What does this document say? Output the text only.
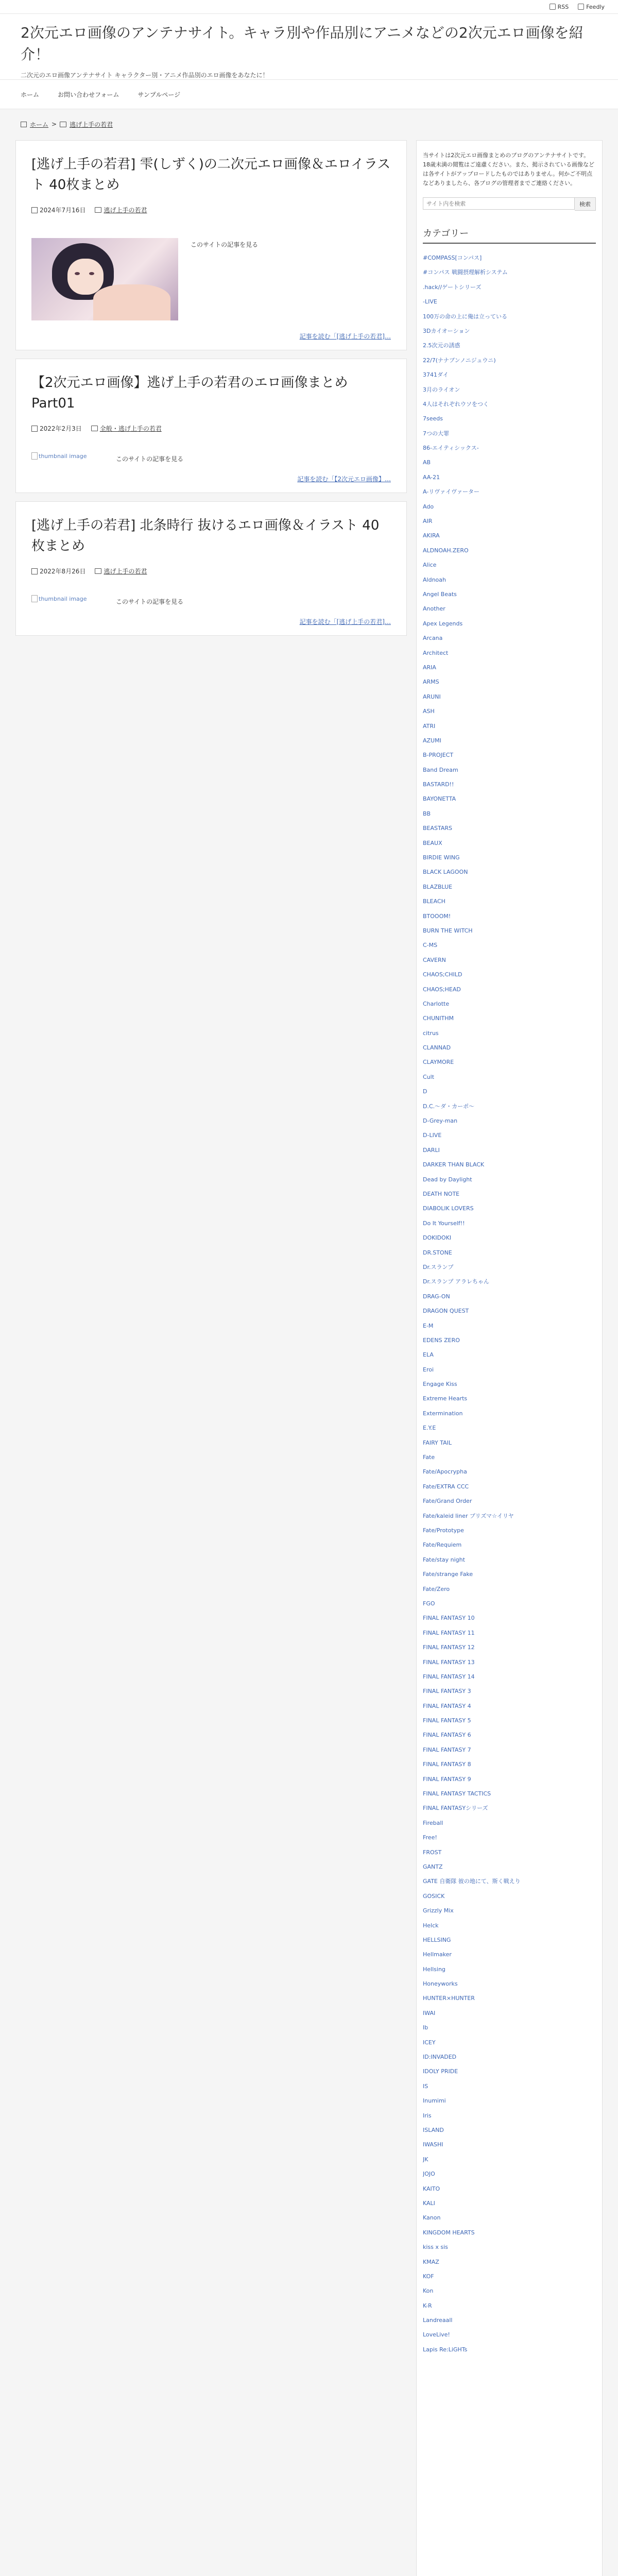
RSS	Feedly
2次元エロ画像のアンテナサイト。キャラ別や作品別にアニメなどの2次元エロ画像を紹介！
二次元のエロ画像アンテナサイト キャラクター別・アニメ作品別のエロ画像をあなたに！
ホーム	お問い合わせフォーム	サンプルページ
ホーム > 逃げ上手の若君
[逃げ上手の若君] 雫(しずく)の二次元エロ画像＆エロイラスト 40枚まとめ
2024年7月16日	逃げ上手の若君
このサイトの記事を見る
記事を読む「[逃げ上手の若君]…
【2次元エロ画像】逃げ上手の若君のエロ画像まとめ Part01
2022年2月3日	全般・逃げ上手の若君
thumbnail image	このサイトの記事を見る
記事を読む「【2次元エロ画像】…
[逃げ上手の若君] 北条時行 抜けるエロ画像＆イラスト 40枚まとめ
2022年8月26日	逃げ上手の若君
thumbnail image	このサイトの記事を見る
記事を読む「[逃げ上手の若君]…
当サイトは2次元エロ画像まとめのブログのアンテナサイトです。18歳未満の閲覧はご遠慮ください。また、掲示されている画像などは各サイトがアップロードしたものではありません。何かご不明点などありましたら、各ブログの管理者までご連絡ください。
サイト内を検索
検索
カテゴリー
#COMPASS[コンパス]
#コンパス 戦闘摂理解析システム
.hack//ゲートシリーズ
-LIVE
100万の命の上に俺は立っている
3Dカイオーション
2.5次元の誘惑
22/7(ナナブンノニジュウニ)
3741ダイ
3月のライオン
4人はそれぞれウソをつく
7seeds
7つの大罪
86-エイティシックス-
ΑΒ
AA-21
A-リヴァイヴァーター
Ado
AIR
AKIRA
ALDNOAH.ZERO
Alice
Aldnoah
Angel Beats
Another
Apex Legends
Arcana
Architect
ARIA
ARMS
ARUNI
ASH
ATRI
AZUMI
B-PROJECT
Band Dream
BASTARD!!
BAYONETTA
BB
BEASTARS
BEAUX
BIRDIE WING
BLACK LAGOON
BLAZBLUE
BLEACH
BTOOOM!
BURN THE WITCH
C-MS
CAVERN
CHAOS;CHILD
CHAOS;HEAD
Charlotte
CHUNITHM
citrus
CLANNAD
CLAYMORE
Cult
D
D.C.～ダ・カーポ～
D-Grey-man
D-LIVE
DARLI
DARKER THAN BLACK
Dead by Daylight
DEATH NOTE
DIABOLIK LOVERS
Do It Yourself!!
DOKIDOKI
DR.STONE
Dr.スランプ
Dr.スランプ アラレちゃん
DRAG-ON
DRAGON QUEST
E-M
EDENS ZERO
ELA
Eroi
Engage Kiss
Extreme Hearts
Extermination
E.Y.E
FAIRY TAIL
Fate
Fate/Apocrypha
Fate/EXTRA CCC
Fate/Grand Order
Fate/kaleid liner プリズマ☆イリヤ
Fate/Prototype
Fate/Requiem
Fate/stay night
Fate/strange Fake
Fate/Zero
FGO
FINAL FANTASY 10
FINAL FANTASY 11
FINAL FANTASY 12
FINAL FANTASY 13
FINAL FANTASY 14
FINAL FANTASY 3
FINAL FANTASY 4
FINAL FANTASY 5
FINAL FANTASY 6
FINAL FANTASY 7
FINAL FANTASY 8
FINAL FANTASY 9
FINAL FANTASY TACTICS
FINAL FANTASYシリーズ
Fireball
Free!
FROST
GANTZ
GATE 自衛隊 彼の地にて、斯く戦えり
GOSICK
Grizzly Mix
Helck
HELLSING
Hellmaker
Hellsing
Honeyworks
HUNTER×HUNTER
IWAI
Ib
ICEY
ID:INVADED
IDOLY PRIDE
IS
Inumimi
Iris
ISLAND
IWASHI
JK
JOJO
KAITO
KALI
Kanon
KINGDOM HEARTS
kiss x sis
KMAZ
KOF
Kon
K-R
Landreaall
LoveLive!
Lapis Re:LiGHTs
